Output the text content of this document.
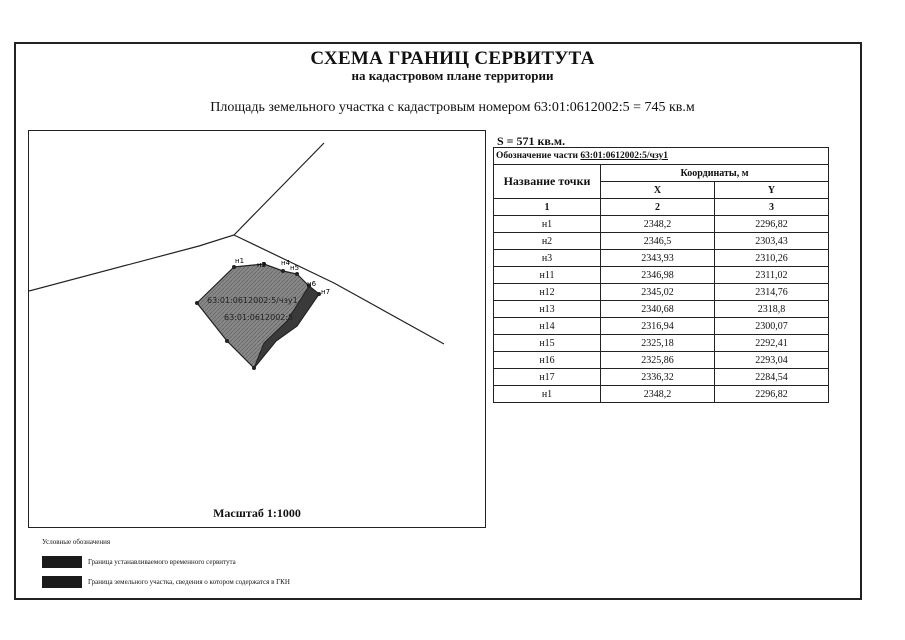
СХЕМА ГРАНИЦ СЕРВИТУТА
на кадастровом плане территории
Площадь земельного участка с кадастровым номером 63:01:0612002:5 = 745 кв.м
н1 н2 н4
н5
н6
н7
63:01:0612002:5/чзу1
63:01:0612002:5
Масштаб 1:1000
S = 571 кв.м.
Обозначение части 63:01:0612002:5/чзу1		
Название точки	Координаты, м	
	X	Y
1	2	3
н1	2348,2	2296,82
н2	2346,5	2303,43
н3	2343,93	2310,26
н11	2346,98	2311,02
н12	2345,02	2314,76
н13	2340,68	2318,8
н14	2316,94	2300,07
н15	2325,18	2292,41
н16	2325,86	2293,04
н17	2336,32	2284,54
н1	2348,2	2296,82
Условные обозначения
Граница устанавливаемого временного сервитута
Граница земельного участка, сведения о котором содержатся в ГКН
